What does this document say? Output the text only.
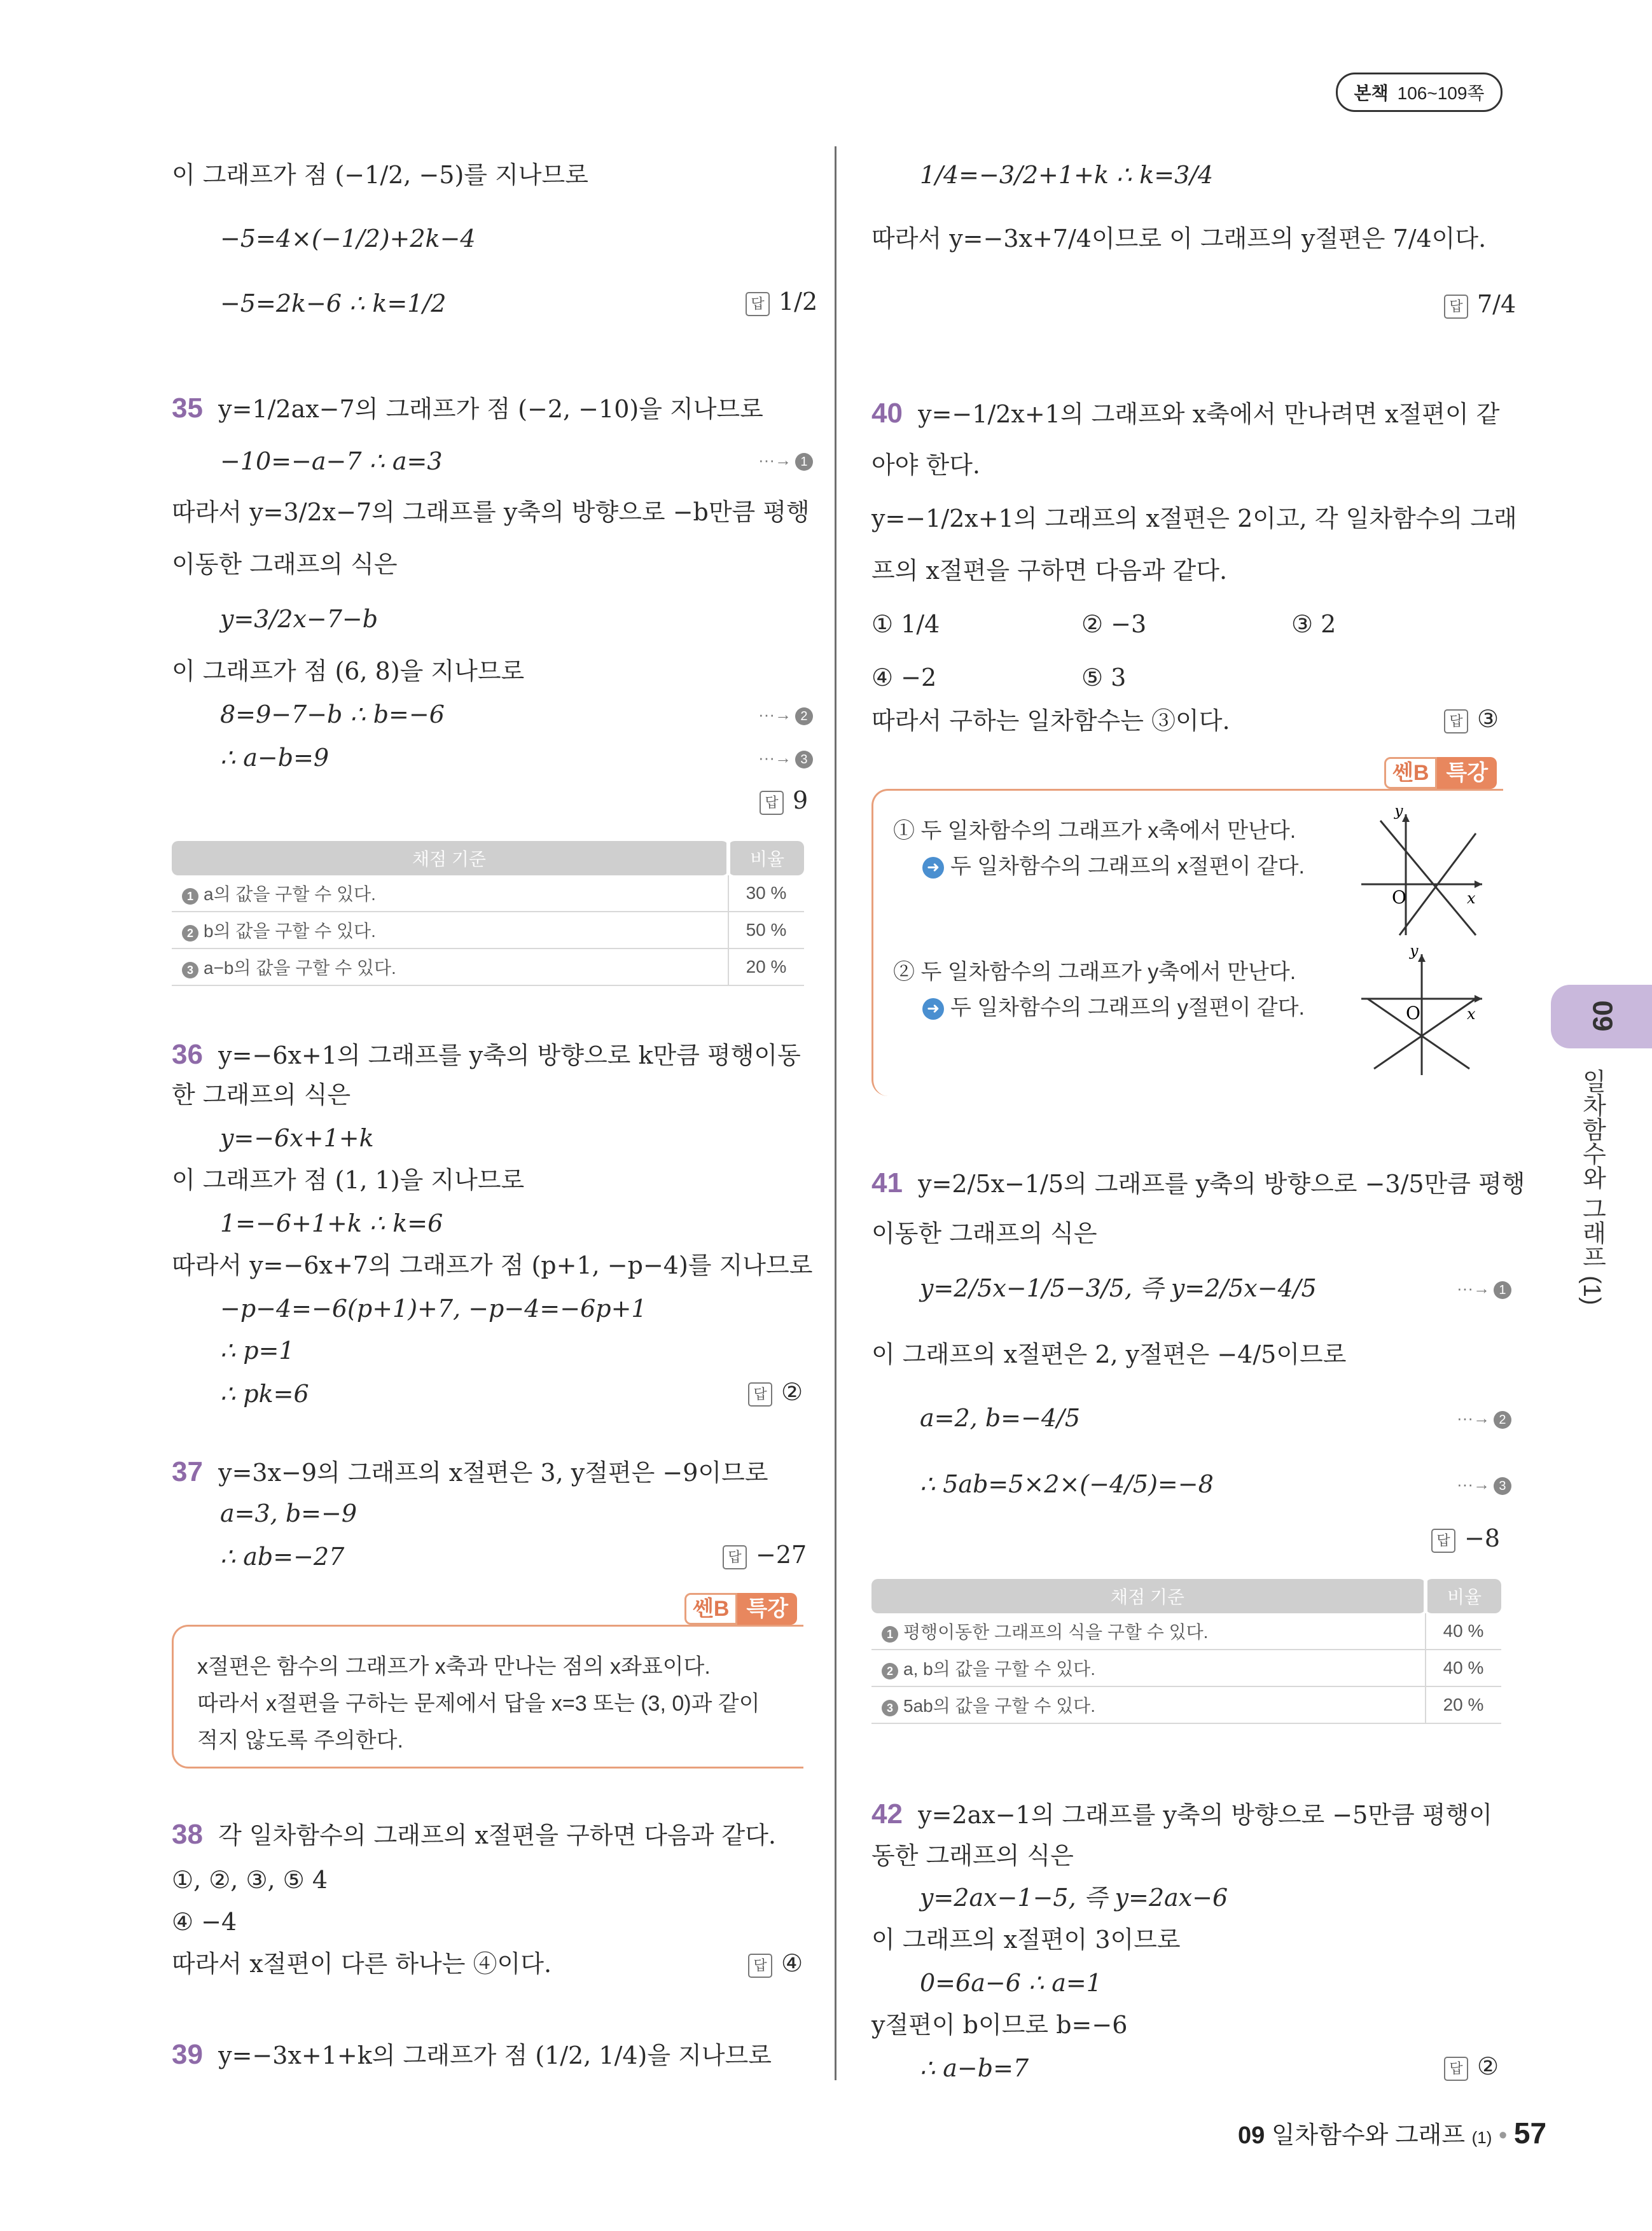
본책 106~109쪽
이 그래프가 점 (−1/2, −5)를 지나므로
−5=4×(−1/2)+2k−4
−5=2k−6 ∴ k=1/2	답 1/2
35 y=1/2ax−7의 그래프가 점 (−2, −10)을 지나므로
−10=−a−7 ∴ a=3	···→ 1
따라서 y=3/2x−7의 그래프를 y축의 방향으로 −b만큼 평행
이동한 그래프의 식은
y=3/2x−7−b
이 그래프가 점 (6, 8)을 지나므로
8=9−7−b ∴ b=−6	···→ 2
∴ a−b=9	···→ 3
답 9
채점 기준	비율
1 a의 값을 구할 수 있다.	30 %
2 b의 값을 구할 수 있다.	50 %
3 a−b의 값을 구할 수 있다.	20 %
36 y=−6x+1의 그래프를 y축의 방향으로 k만큼 평행이동
한 그래프의 식은
y=−6x+1+k
이 그래프가 점 (1, 1)을 지나므로
1=−6+1+k ∴ k=6
따라서 y=−6x+7의 그래프가 점 (p+1, −p−4)를 지나므로
−p−4=−6(p+1)+7, −p−4=−6p+1
∴ p=1
∴ pk=6	답 ②
37 y=3x−9의 그래프의 x절편은 3, y절편은 −9이므로
a=3, b=−9
∴ ab=−27	답 −27
쎈B 특강
x절편은 함수의 그래프가 x축과 만나는 점의 x좌표이다.
따라서 x절편을 구하는 문제에서 답을 x=3 또는 (3, 0)과 같이
적지 않도록 주의한다.
38 각 일차함수의 그래프의 x절편을 구하면 다음과 같다.
①, ②, ③, ⑤ 4
④ −4
따라서 x절편이 다른 하나는 ④이다.	답 ④
39 y=−3x+1+k의 그래프가 점 (1/2, 1/4)을 지나므로
1/4=−3/2+1+k ∴ k=3/4
따라서 y=−3x+7/4이므로 이 그래프의 y절편은 7/4이다.
답 7/4
40 y=−1/2x+1의 그래프와 x축에서 만나려면 x절편이 같
아야 한다.
y=−1/2x+1의 그래프의 x절편은 2이고, 각 일차함수의 그래
프의 x절편을 구하면 다음과 같다.
① 1/4	② −3	③ 2
④ −2	⑤ 3
따라서 구하는 일차함수는 ③이다.	답 ③
쎈B 특강
① 두 일차함수의 그래프가 x축에서 만난다.
➜ 두 일차함수의 그래프의 x절편이 같다.
② 두 일차함수의 그래프가 y축에서 만난다.
➜ 두 일차함수의 그래프의 y절편이 같다.
y
x
O
y
x
O
41 y=2/5x−1/5의 그래프를 y축의 방향으로 −3/5만큼 평행
이동한 그래프의 식은
y=2/5x−1/5−3/5, 즉 y=2/5x−4/5	···→ 1
이 그래프의 x절편은 2, y절편은 −4/5이므로
a=2, b=−4/5	···→ 2
∴ 5ab=5×2×(−4/5)=−8	···→ 3
답 −8
채점 기준	비율
1 평행이동한 그래프의 식을 구할 수 있다.	40 %
2 a, b의 값을 구할 수 있다.	40 %
3 5ab의 값을 구할 수 있다.	20 %
42 y=2ax−1의 그래프를 y축의 방향으로 −5만큼 평행이
동한 그래프의 식은
y=2ax−1−5, 즉 y=2ax−6
이 그래프의 x절편이 3이므로
0=6a−6 ∴ a=1
y절편이 b이므로 b=−6
∴ a−b=7	답 ②
09
일차함수와 그래프 (1)
09 일차함수와 그래프 (1) • 57
